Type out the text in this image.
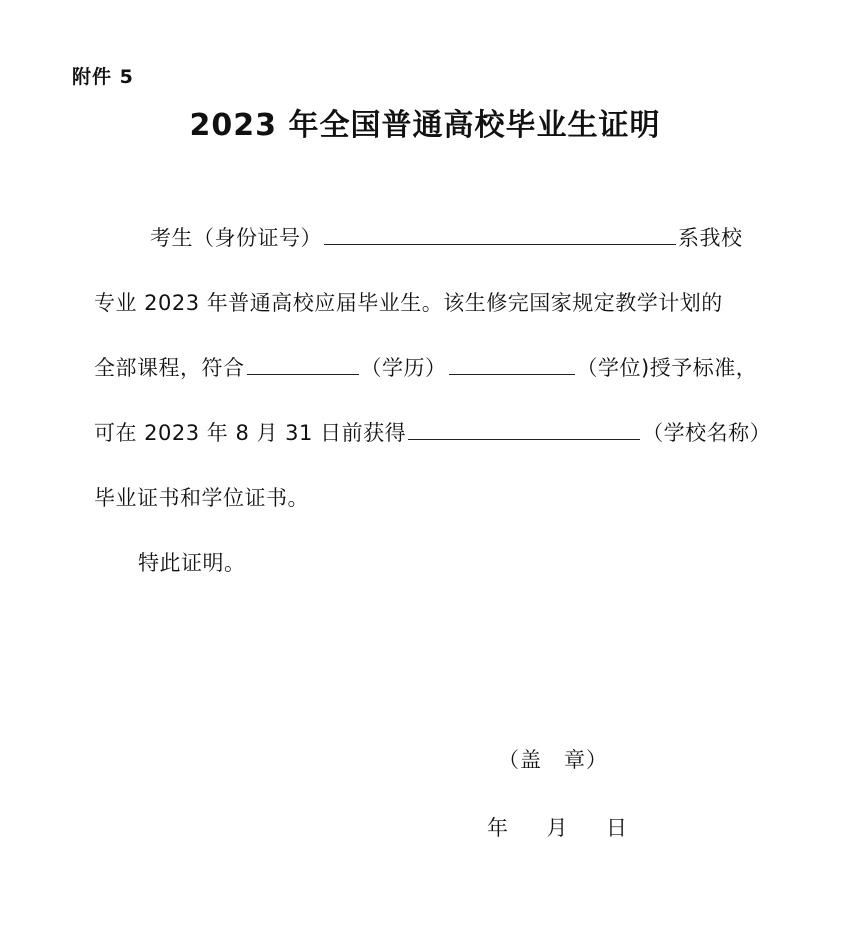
附件 5
2023 年全国普通高校毕业生证明
考生（身份证号）	系我校
专业 2023 年普通高校应届毕业生。该生修完国家规定教学计划的
全部课程，符合	（学历）	（学位)授予标准，
可在 2023 年 8 月 31 日前获得	（学校名称）
毕业证书和学位证书。
特此证明。
（盖　章）
年 月 日
